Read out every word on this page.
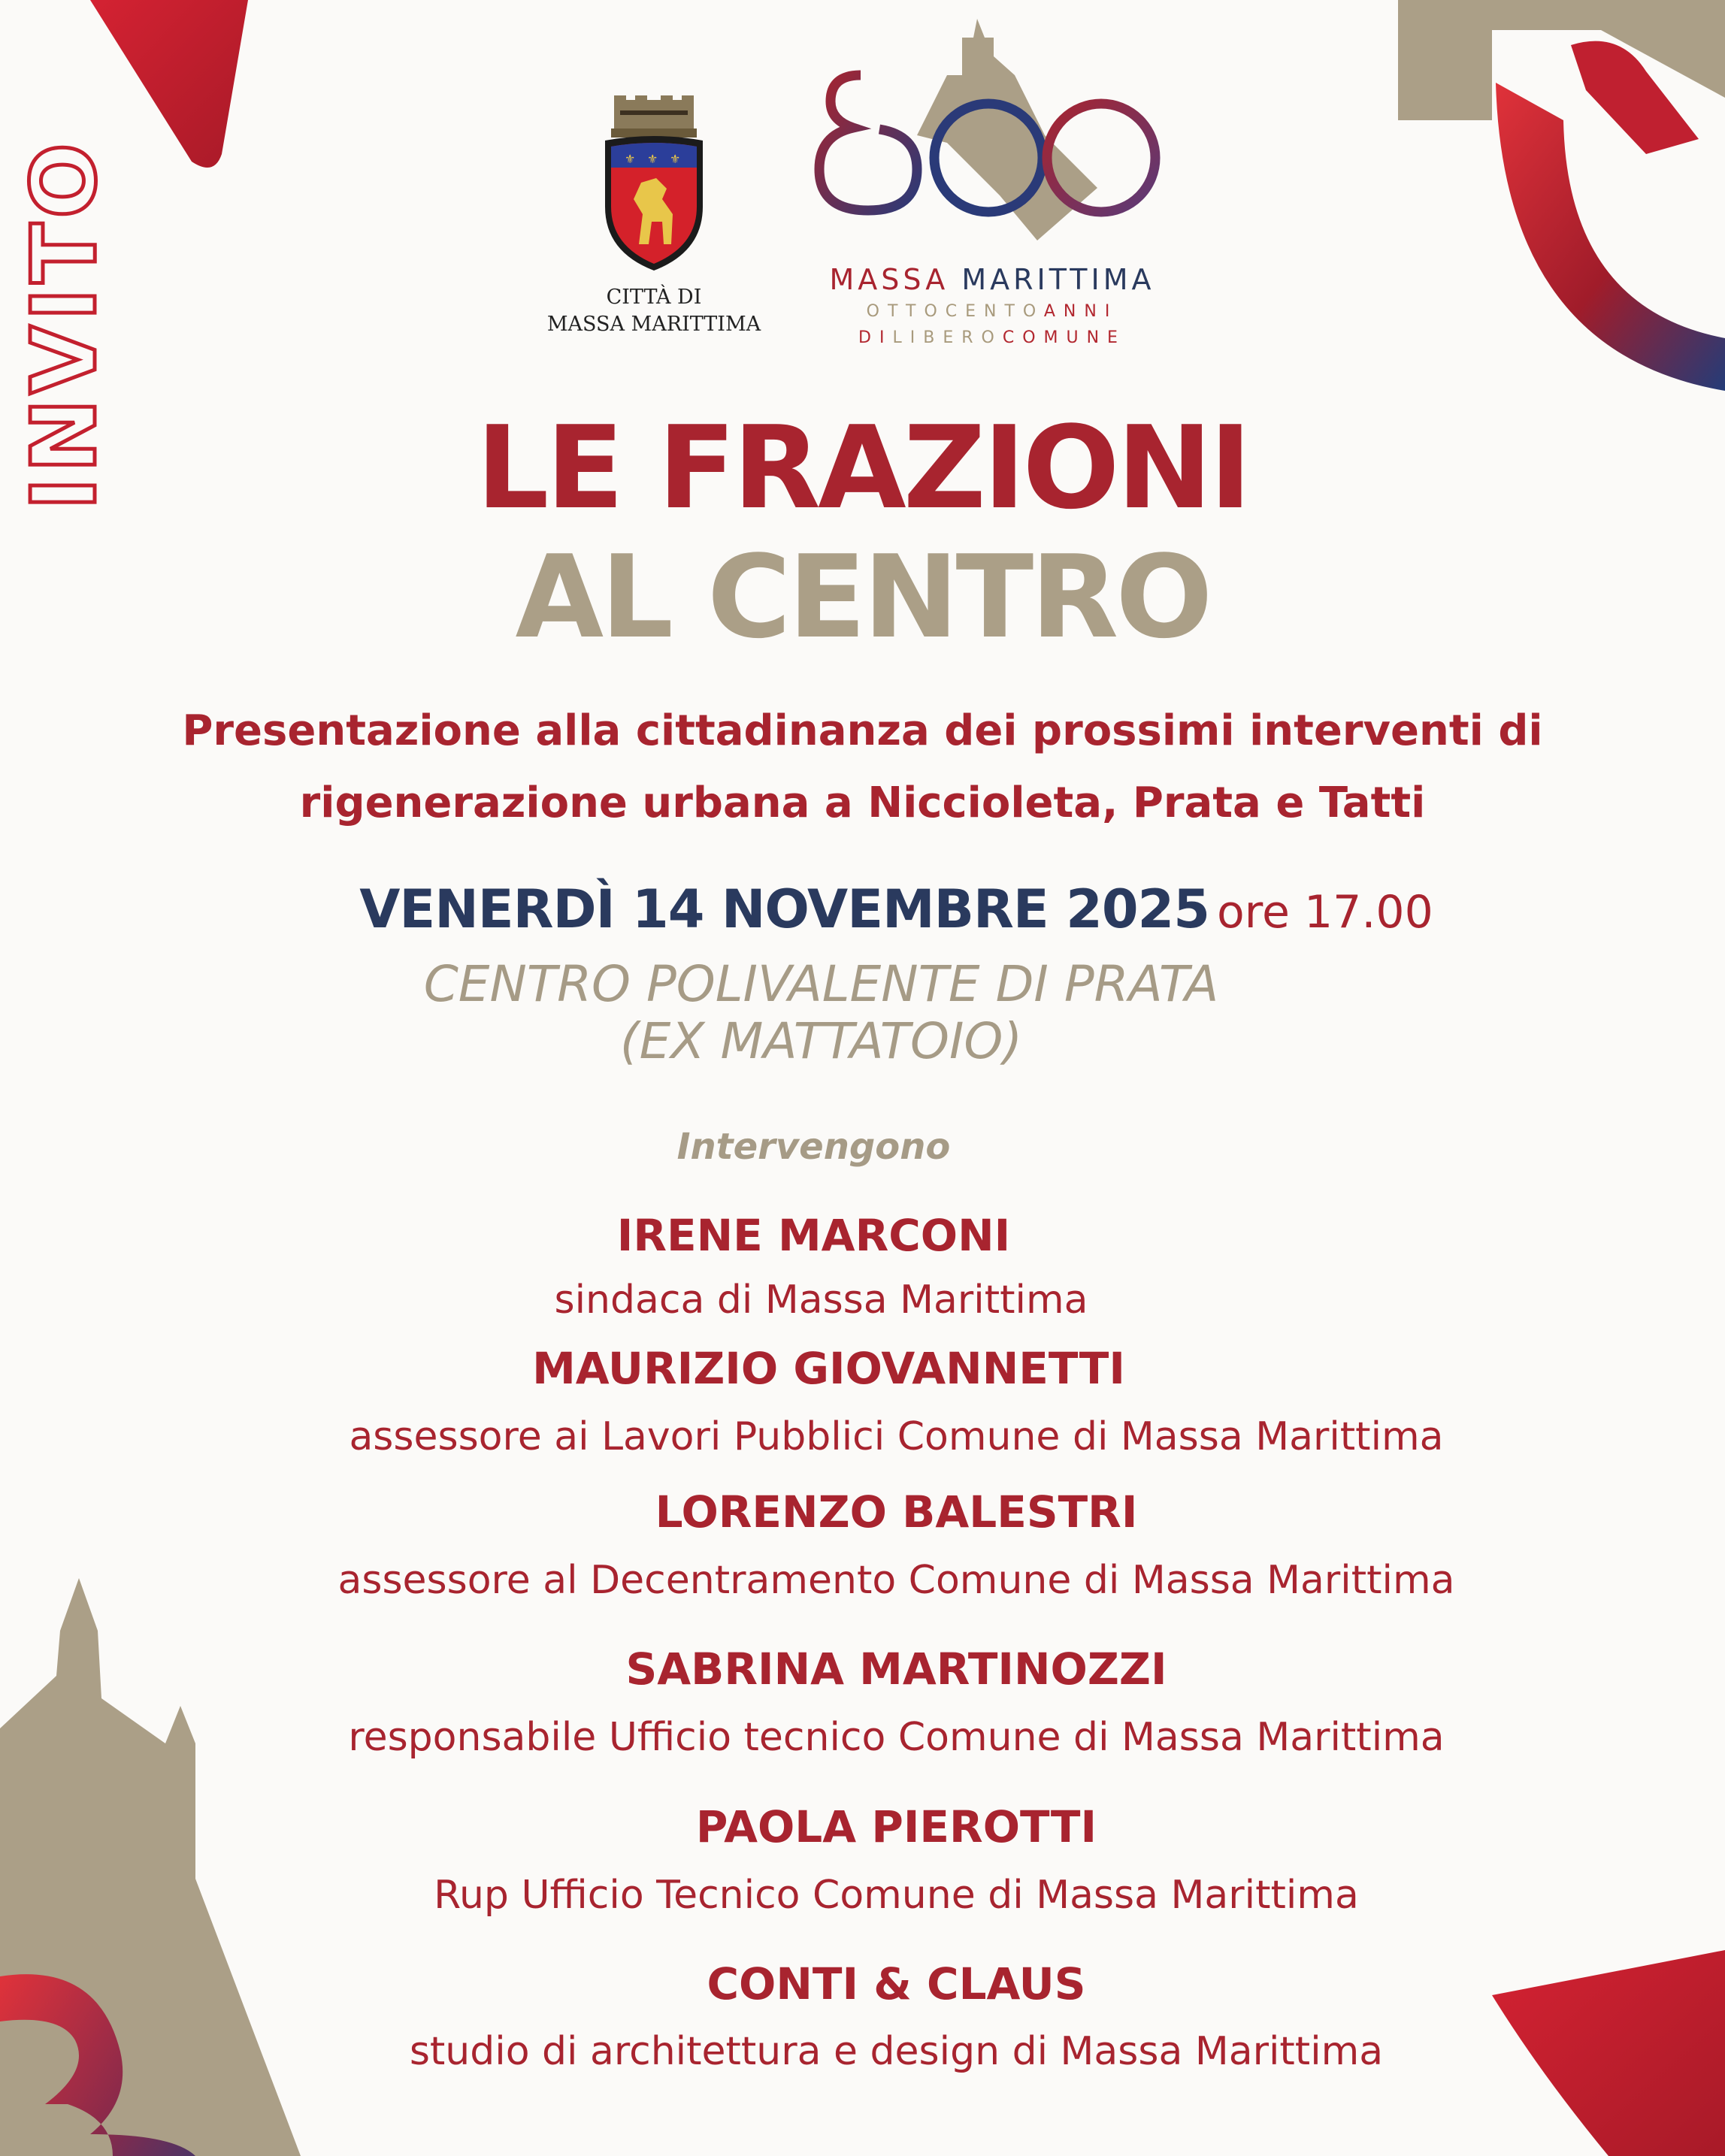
INVITO	⚜ ⚜ ⚜
CITTÀ DI
MASSA MARITTIMA
MASSA MARITTIMA
OTTOCENTOANNI
DILIBEROCOMUNE
LE FRAZIONI
AL CENTRO
Presentazione alla cittadinanza dei prossimi interventi di
rigenerazione urbana a Niccioleta, Prata e Tatti
VENERDÌ 14 NOVEMBRE 2025 ore 17.00
CENTRO POLIVALENTE DI PRATA
(EX MATTATOIO)
Intervengono
IRENE MARCONI
sindaca di Massa Marittima
MAURIZIO GIOVANNETTI
assessore ai Lavori Pubblici Comune di Massa Marittima
LORENZO BALESTRI
assessore al Decentramento Comune di Massa Marittima
SABRINA MARTINOZZI
responsabile Ufficio tecnico Comune di Massa Marittima
PAOLA PIEROTTI
Rup Ufficio Tecnico Comune di Massa Marittima
CONTI & CLAUS
studio di architettura e design di Massa Marittima
